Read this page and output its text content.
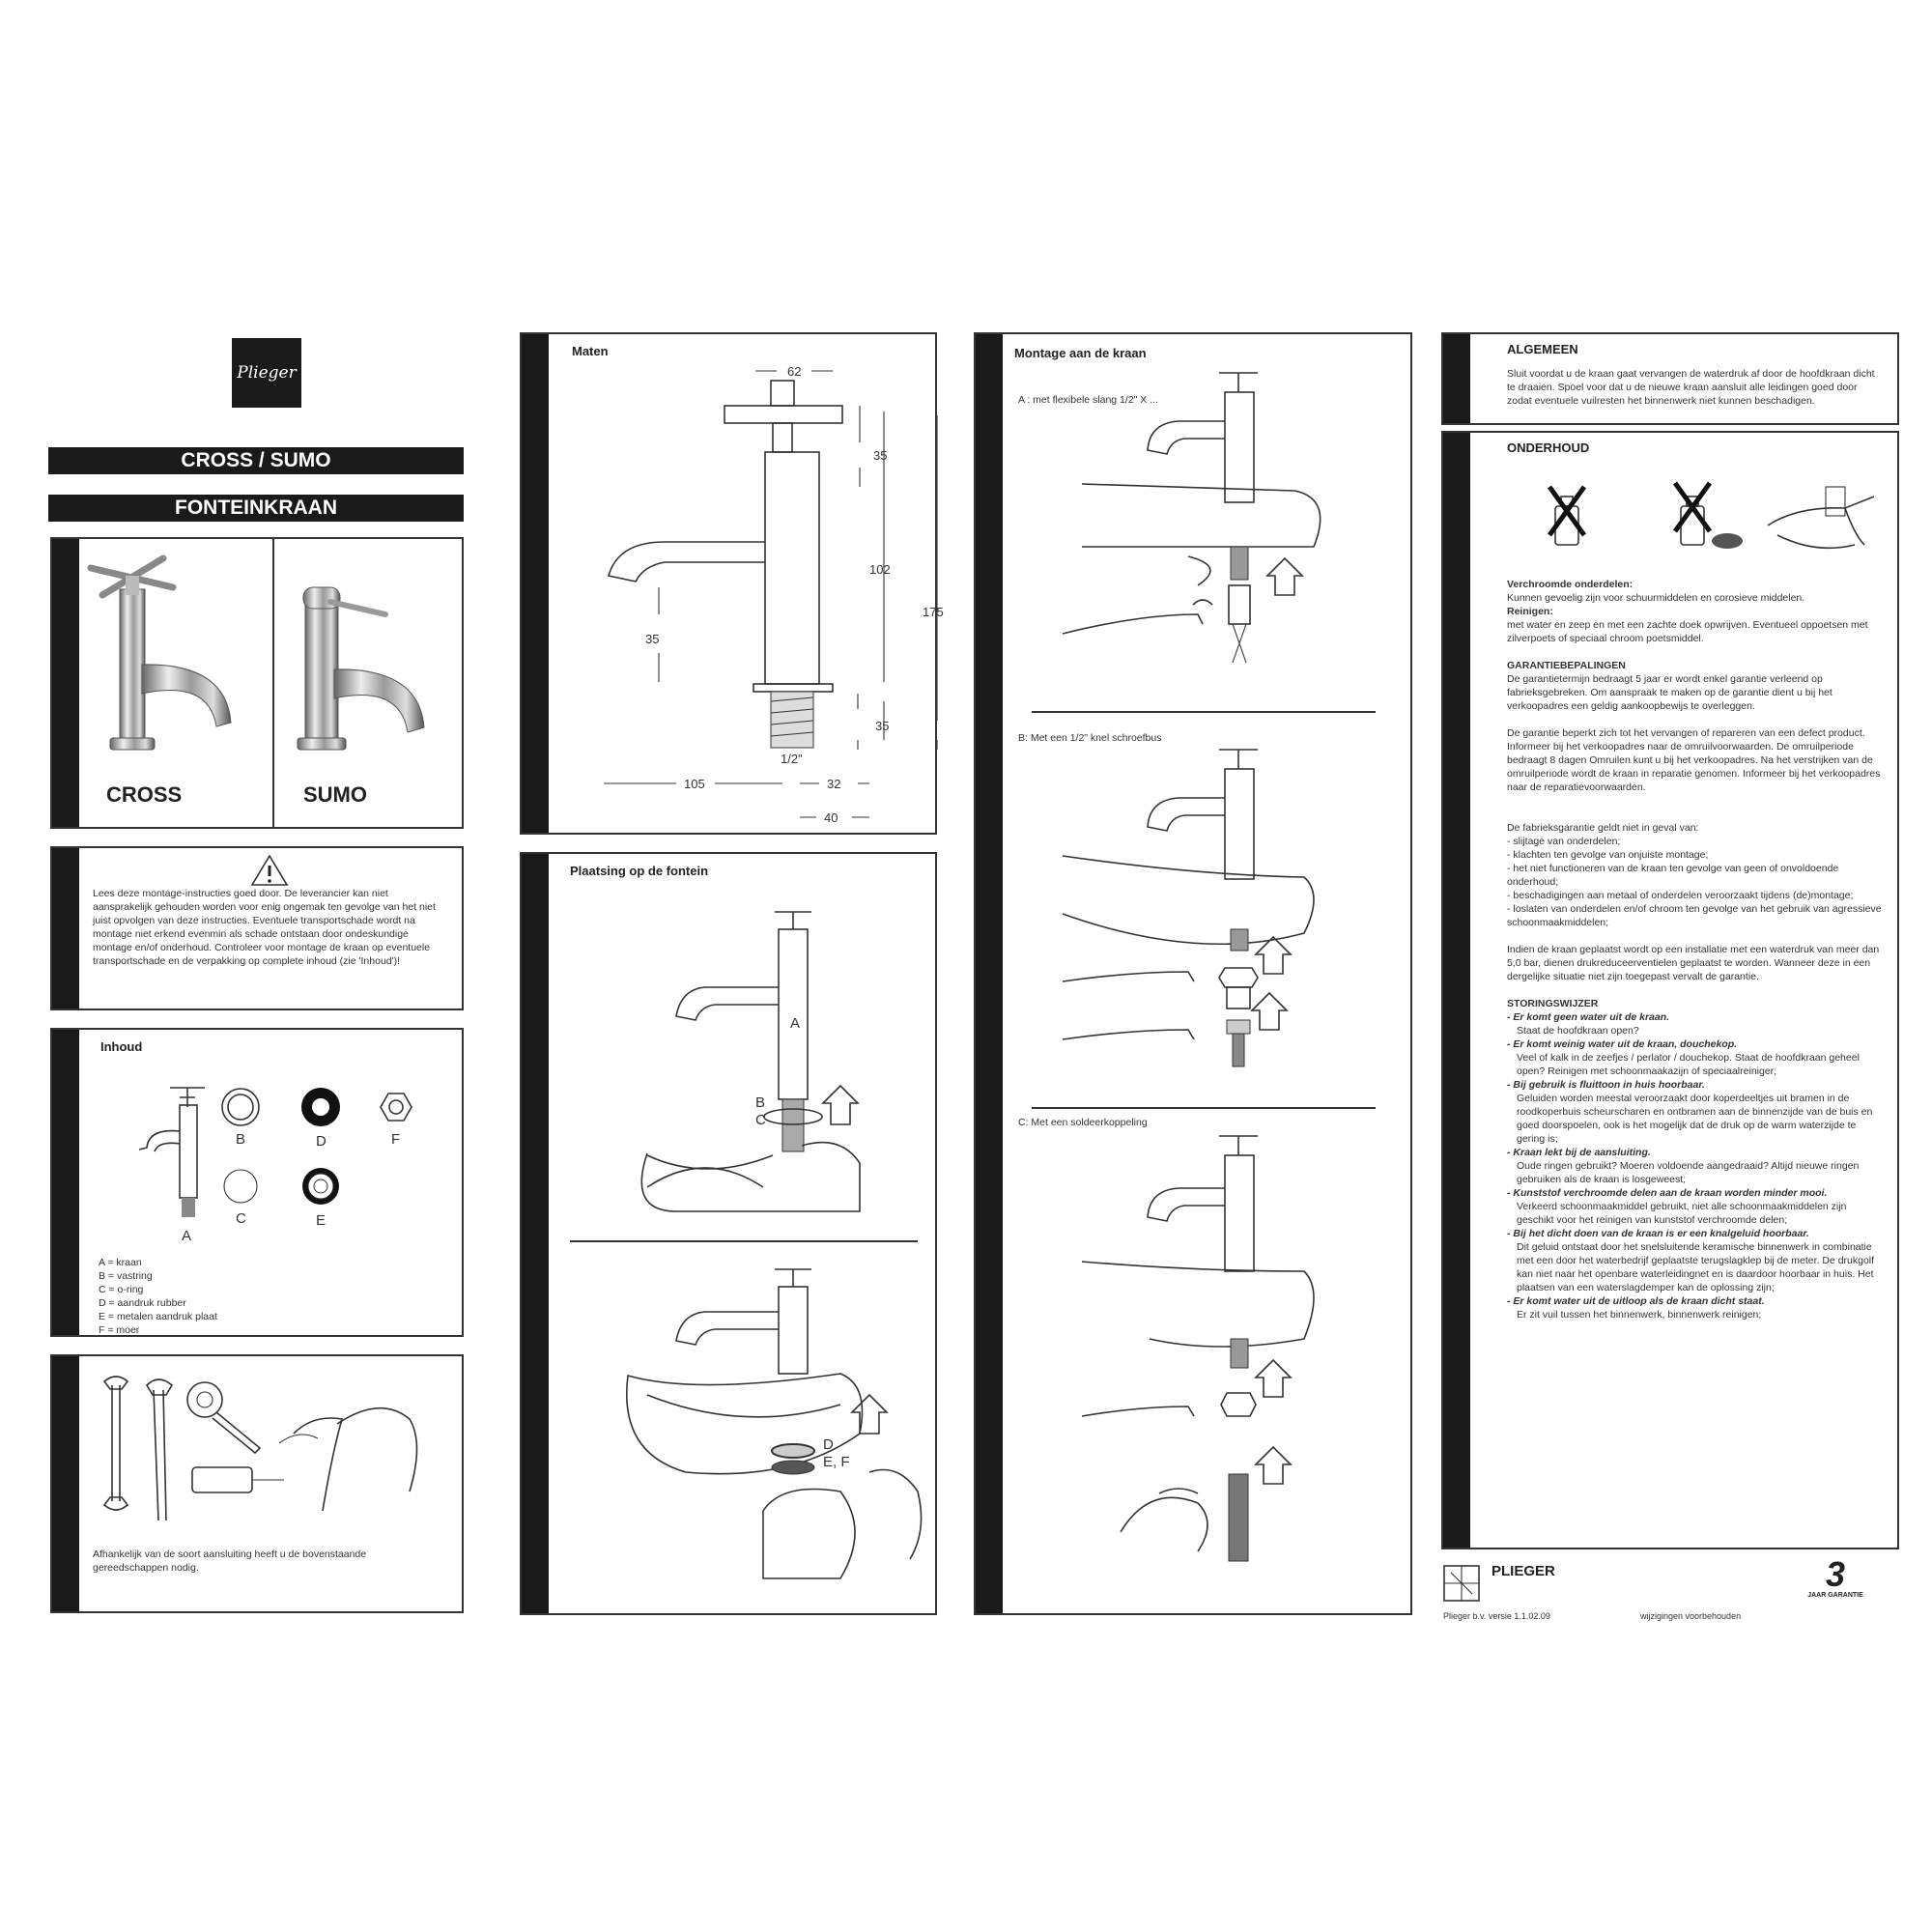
Plieger
CROSS / SUMO
FONTEINKRAAN
CROSS	SUMO
Lees deze montage-instructies goed door. De leverancier kan niet aansprakelijk gehouden worden voor enig ongemak ten gevolge van het niet juist opvolgen van deze instructies. Eventuele transportschade wordt na montage niet erkend evenmin als schade ontstaan door ondeskundige montage en/of onderhoud. Controleer voor montage de kraan op eventuele transportschade en de verpakking op complete inhoud (zie 'Inhoud')!
Inhoud
B	D	F
C	E
A
A = kraan
B = vastring
C = o-ring
D = aandruk rubber
E = metalen aandruk plaat
F = moer
Afhankelijk van de soort aansluiting heeft u de bovenstaande gereedschappen nodig.
Maten
62
35
102
175
35
35
1/2"
105	32
40
Plaatsing op de fontein
A
B
C
D
E, F
Montage aan de kraan
A : met flexibele slang 1/2" X ...
B: Met een 1/2" knel schroefbus
C: Met een soldeerkoppeling
ALGEMEEN
Sluit voordat u de kraan gaat vervangen de waterdruk af door de hoofdkraan dicht te draaien. Spoel voor dat u de nieuwe kraan aansluit alle leidingen goed door zodat eventuele vuilresten het binnenwerk niet kunnen beschadigen.
ONDERHOUD
Verchroomde onderdelen:
Kunnen gevoelig zijn voor schuurmiddelen en corosieve middelen.
Reinigen:
met water en zeep en met een zachte doek opwrijven. Eventueel oppoetsen met zilverpoets of speciaal chroom poetsmiddel.
GARANTIEBEPALINGEN
De garantietermijn bedraagt 5 jaar er wordt enkel garantie verleend op fabrieksgebreken. Om aanspraak te maken op de garantie dient u bij het verkoopadres een geldig aankoopbewijs te overleggen.
De garantie beperkt zich tot het vervangen of repareren van een defect product. Informeer bij het verkoopadres naar de omruilvoorwaarden. De omruilperiode bedraagt 8 dagen Omruilen kunt u bij het verkoopadres. Na het verstrijken van de omruilperiode wordt de kraan in reparatie genomen. Informeer bij het verkoopadres naar de reparatievoorwaarden.
De fabrieksgarantie geldt niet in geval van:
- slijtage van onderdelen;
- klachten ten gevolge van onjuiste montage;
- het niet functioneren van de kraan ten gevolge van geen of onvoldoende onderhoud;
- beschadigingen aan metaal of onderdelen veroorzaakt tijdens (de)montage;
- loslaten van onderdelen en/of chroom ten gevolge van het gebruik van agressieve schoonmaakmiddelen;
Indien de kraan geplaatst wordt op een installatie met een waterdruk van meer dan 5,0 bar, dienen drukreduceerventielen geplaatst te worden. Wanneer deze in een dergelijke situatie niet zijn toegepast vervalt de garantie.
STORINGSWIJZER
- Er komt geen water uit de kraan.
Staat de hoofdkraan open?
- Er komt weinig water uit de kraan, douchekop.
Veel of kalk in de zeefjes / perlator / douchekop. Staat de hoofdkraan geheel open? Reinigen met schoonmaakazijn of speciaalreiniger;
- Bij gebruik is fluittoon in huis hoorbaar.
Geluiden worden meestal veroorzaakt door koperdeeltjes uit bramen in de roodkoperbuis scheurscharen en ontbramen aan de binnenzijde van de buis en goed doorspoelen, ook is het mogelijk dat de druk op de warm waterzijde te gering is;
- Kraan lekt bij de aansluiting.
Oude ringen gebruikt? Moeren voldoende aangedraaid? Altijd nieuwe ringen gebruiken als de kraan is losgeweest;
- Kunststof verchroomde delen aan de kraan worden minder mooi.
Verkeerd schoonmaakmiddel gebruikt, niet alle schoonmaakmiddelen zijn geschikt voor het reinigen van kunststof verchroomde delen;
- Bij het dicht doen van de kraan is er een knalgeluid hoorbaar.
Dit geluid ontstaat door het snelsluitende keramische binnenwerk in combinatie met een door het waterbedrijf geplaatste terugslagklep bij de meter. De drukgolf kan niet naar het openbare waterleidingnet en is daardoor hoorbaar in huis. Het plaatsen van een waterslagdemper kan de oplossing zijn;
- Er komt water uit de uitloop als de kraan dicht staat.
Er zit vuil tussen het binnenwerk, binnenwerk reinigen;
PLIEGER
Plieger b.v. versie 1.1.02.09	wijzigingen voorbehouden
3
JAAR GARANTIE
